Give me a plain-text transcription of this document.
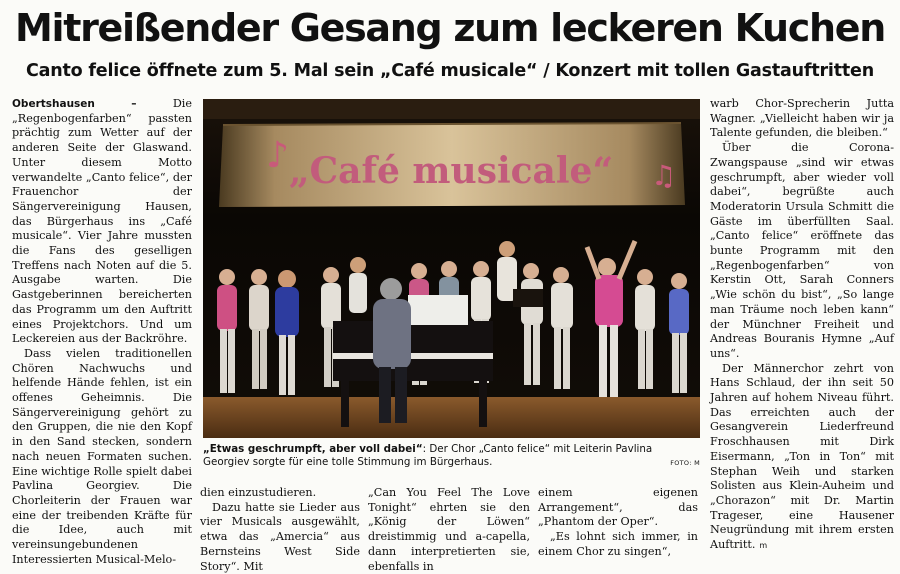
Mitreißender Gesang zum leckeren Kuchen
Canto felice öffnete zum 5. Mal sein „Café musicale“ / Konzert mit tollen Gastauftritten

Obertshausen –	Die „Regenbogenfarben“ passten prächtig zum Wetter auf der anderen Seite der Glaswand. Unter diesem Motto verwandelte „Canto felice“, der Frauenchor der Sängervereinigung Hausen, das Bürgerhaus ins „Café musicale“. Vier Jahre mussten die Fans des geselligen Treffens nach Noten auf die 5. Ausgabe warten. Die Gastgeberinnen bereicherten das Programm um den Auftritt eines Projektchors. Und um Leckereien aus der Backröhre.

Dass vielen traditionellen Chören Nachwuchs und helfende Hände fehlen, ist ein offenes Geheimnis. Die Sängervereinigung gehört zu den Gruppen, die nie den Kopf in den Sand stecken, sondern nach neuen Formaten suchen. Eine wichtige Rolle spielt dabei Pavlina Georgiev. Die Chorleiterin der Frauen war eine der treibenden Kräfte für die Idee, auch mit vereinsungebundenen Interessierten Musical-Melo-

♪ „Café musicale“ ♫
„Etwas geschrumpft, aber voll dabei“: Der Chor „Canto felice“ mit Leiterin Pavlina Georgiev sorgte für eine tolle Stimmung im Bürgerhaus.	FOTO: M

dien einzustudieren.

Dazu hatte sie Lieder aus vier Musicals ausgewählt, etwa das „Amercia“ aus Bernsteins West Side Story“. Mit

„Can You Feel The Love Tonight“ ehrten sie den „König der Löwen“ dreistimmig und a-capella, dann interpretierten sie, ebenfalls in

einem eigenen Arrangement“, das „Phantom der Oper“.

„Es lohnt sich immer, in einem Chor zu singen“,

warb Chor-Sprecherin Jutta Wagner. „Vielleicht haben wir ja Talente gefunden, die bleiben.“

Über die Corona-Zwangspause „sind wir etwas geschrumpft, aber wieder voll dabei“, begrüßte auch Moderatorin Ursula Schmitt die Gäste im überfüllten Saal. „Canto felice“ eröffnete das bunte Programm mit den „Regenbogenfarben“ von Kerstin Ott, Sarah Conners „Wie schön du bist“, „So lange man Träume noch leben kann“ der Münchner Freiheit und Andreas Bouranis Hymne „Auf uns“.

Der Männerchor zehrt von Hans Schlaud, der ihn seit 50 Jahren auf hohem Niveau führt. Das erreichten auch der Gesangverein Liederfreund Froschhausen mit Dirk Eisermann, „Ton in Ton“ mit Stephan Weih und starken Solisten aus Klein-Auheim und „Chorazon“ mit Dr. Martin Trageser, eine Hausener Neugründung mit ihrem ersten Auftritt. m
